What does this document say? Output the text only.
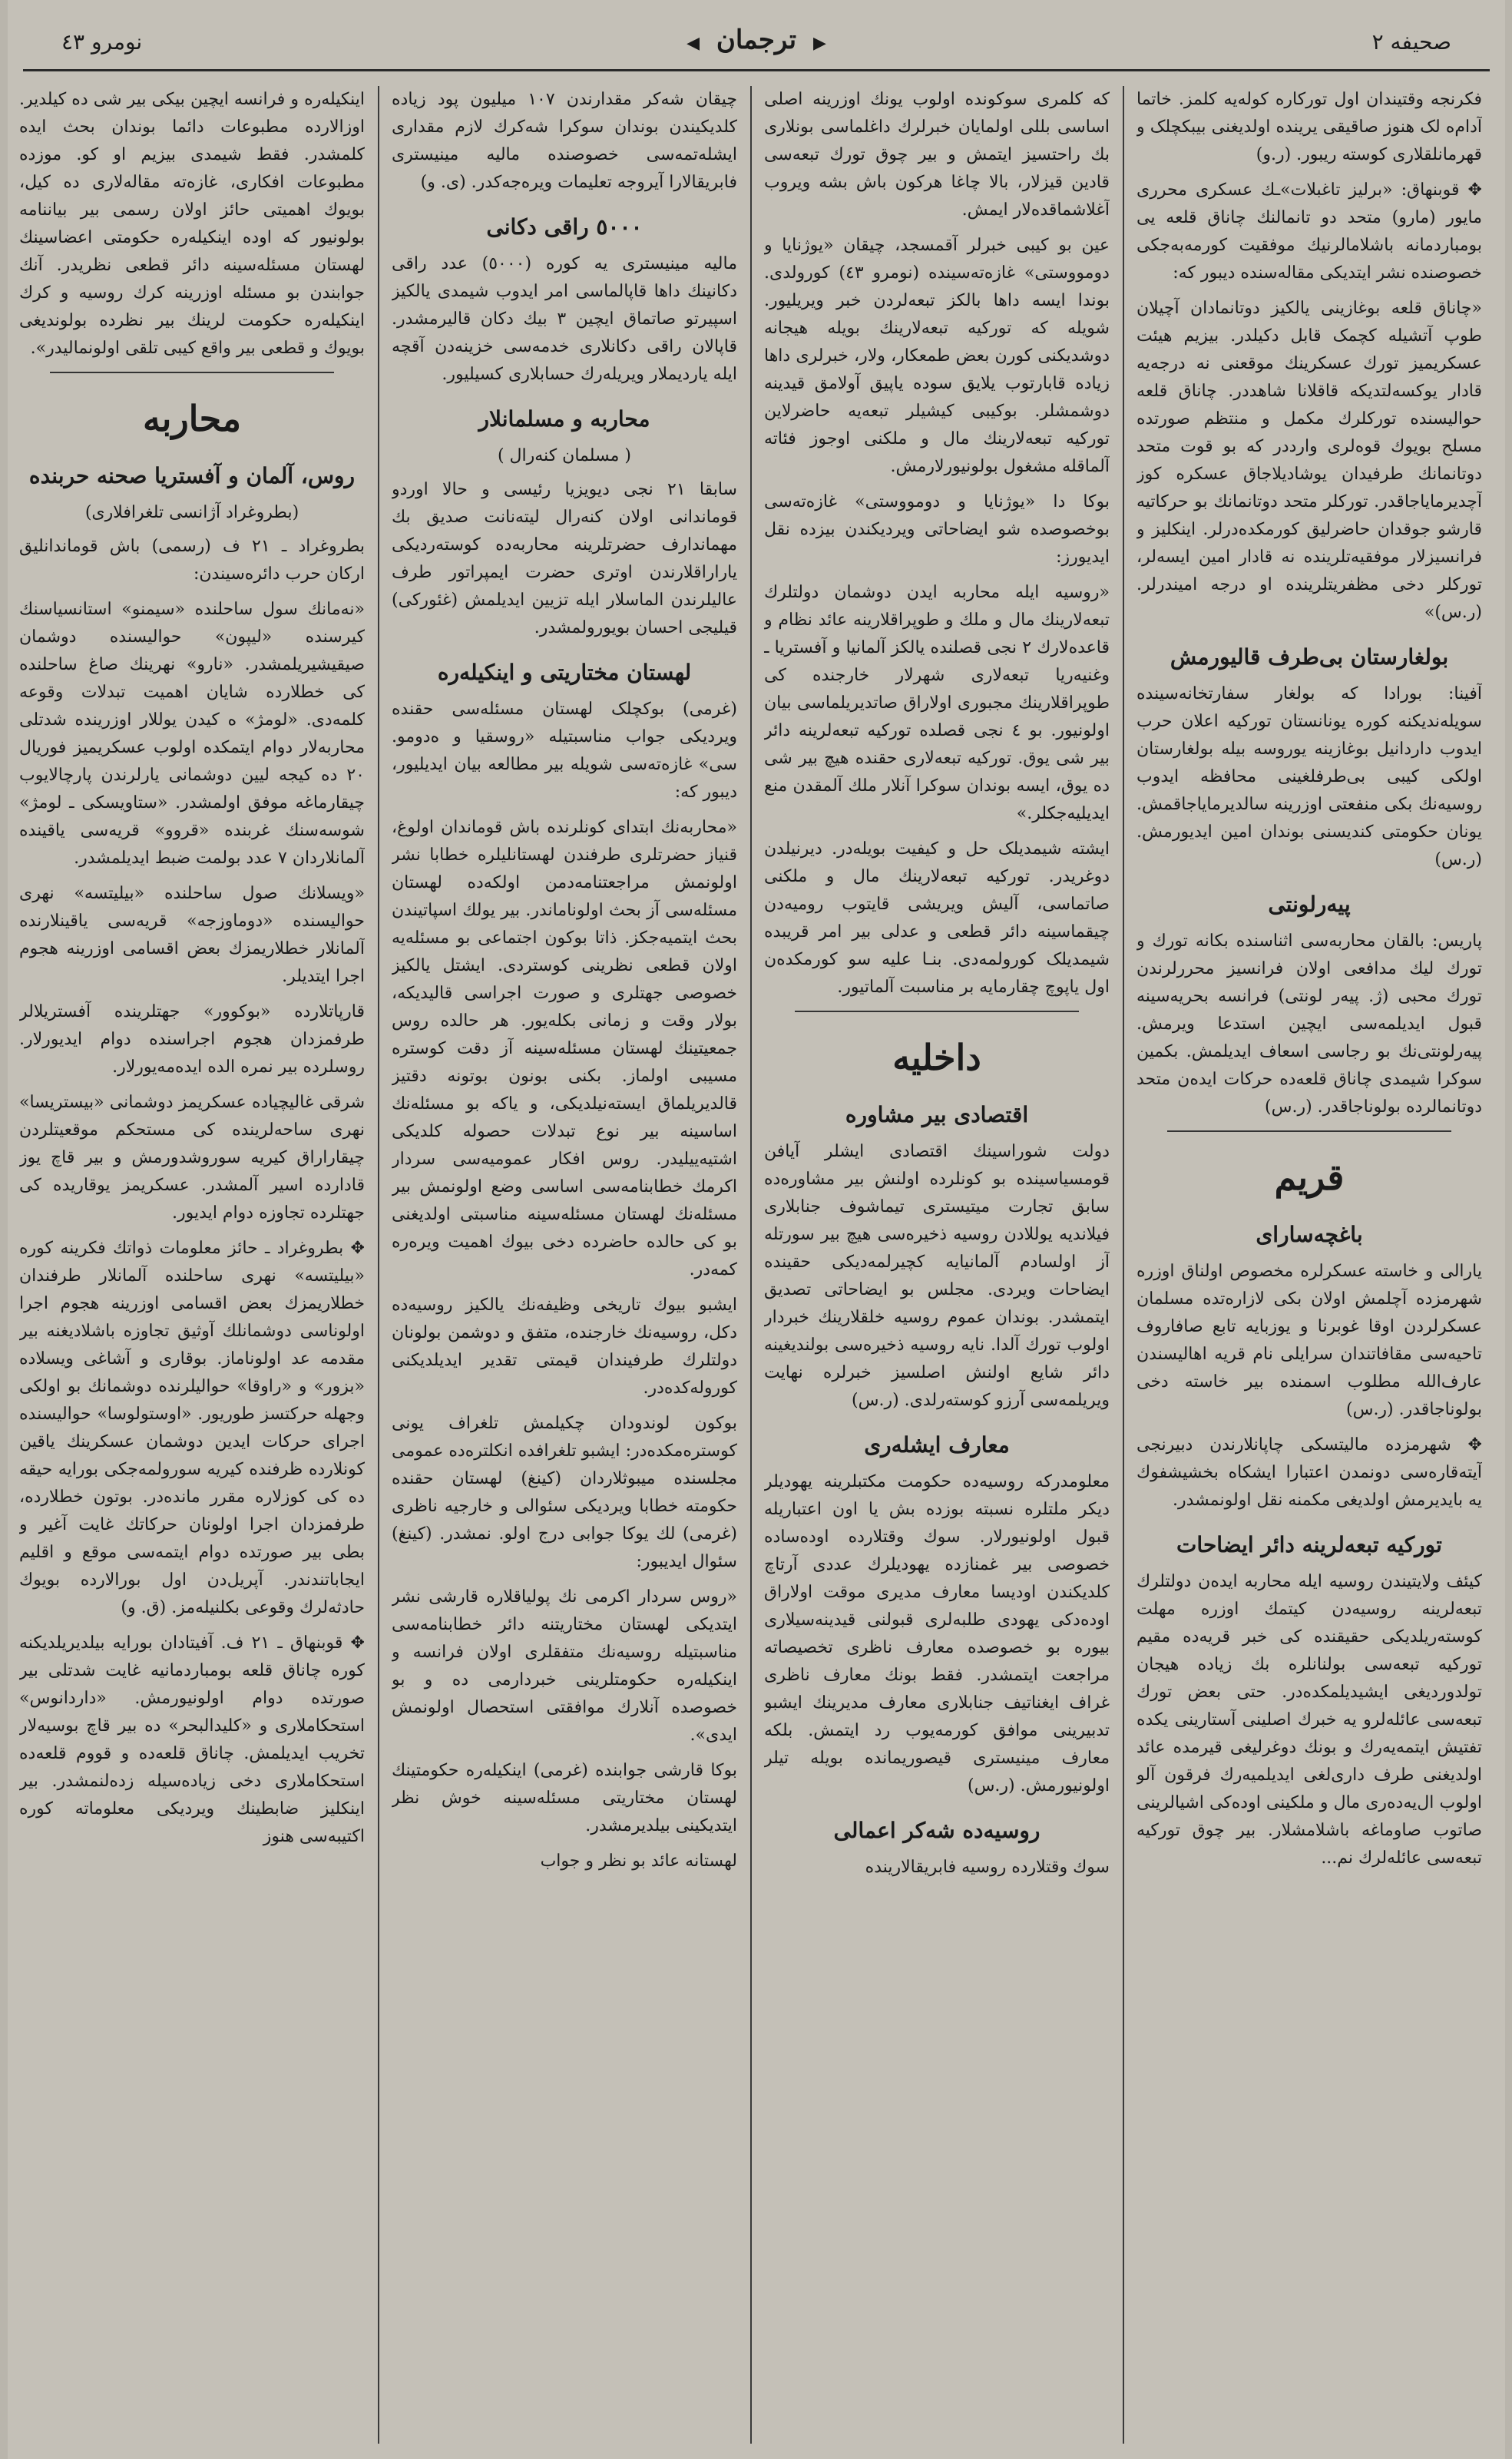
صحیفه ۲
▶ ترجمان ◀
نومرو ٤۳

فکرنجه وقتیندان اول تورکاره کوله‌یه کلمز. خاتما آدام‌ه لک هنوز صاقیقی یرینده اولدیغنی بیبکچلک و قهرمانلقلاری کوسته ریبور. (ر.و)

✥ قوبنهاق: «برلیز تاغبلات»ـك عسکری محرری مایور (مارو) متحد دو تانمالنك چاناق قلعه یی بومباردمانه باشلامالرنیك موفقیت کورمه‌به‌جکی خصوصنده نشر ایتدیکی مقاله‌سنده دیبور که:

«چاناق قلعه بوغازینی یالکیز دوتانمادان آچیلان طوپ آتشیله کچمک قابل دکیلدر. بیزیم هیئت عسکریمیز تورك عسکرینك موقعنی نه درجه‌یه قادار یوکسه‌لتدیکه قاقلانا شاهددر. چاناق قلعه حوالیسنده تورکلرك مکمل و منتظم صورتده مسلح بویوك قوه‌لری وارددر که بو قوت متحد دوتانمانك طرفیدان یوشادیلاجاق عسکره کوز آچدیرمایاجاقدر. تورکلر متحد دوتانمانك بو حرکاتیه قارشو جوقدان حاضرلیق کورمکده‌درلر. اینکلیز و فرانسیزلار موفقیه‌تلرینده نه قادار امین ایسه‌لر، تورکلر دخی مظفریتلرینده او درجه امیندرلر. (ر.س)»

بولغارستان بی‌طرف قالیورمش

آفینا: بورادا که بولغار سفارتخانه‌سینده سویله‌ندیکنه کوره یونانستان تورکیه اعلان حرب ایدوب داردانیل بوغازینه یوروسه بیله بولغارستان اولکی کیبی بی‌طرفلغینی محافظه ایدوب روسیه‌نك بکی منفعتی اوزرینه سالدیرمایاجاقمش. یونان حکومتی کندیسنی بوندان امین ایدیورمش. (ر.س)

پیه‌رلونتی

پاریس: بالقان محاربه‌سی اثناسنده بکانه تورك و تورك لیك مدافعی اولان فرانسیز محررلرندن تورك محبی (ژ. پیه‌ر لونتی) فرانسه بحریه‌سینه قبول ایدیلمه‌سی ایچین استدعا ویرمش. پیه‌رلونتی‌نك بو رجاسی اسعاف ایدیلمش. بکمین سوکرا شیمدی چاناق قلعه‌ده حرکات ایده‌ن متحد دوتانمالرده بولوناجاقدر. (ر.س)

قریم
باغچه‌سارای

یارالی و خاسته عسکرلره مخصوص اولناق اوزره شهرمزده آچلمش اولان بکی لازاره‌تده مسلمان عسکرلردن اوقا غوبرنا و یوزبایه تابع صافاروف تاحیه‌سی مقافاتندان سرایلی نام قریه اهالیسندن عارف‌الله مطلوب اسمنده بیر خاسته دخی بولوناجاقدر. (ر.س)

✥ شهرمزده مالیتسکی چاپانلارندن دبیرنجی آیته‌قاره‌سی دونمدن اعتبارا ایشکاه بخشیشفوك یه بایدیرمش اولدیغی مکمنه نقل اولونمشدر.

تورکیه تبعه‌لرینه دائر ایضاحات

کیئف ولایتیندن روسیه ایله محاربه ایده‌ن دولتلرك تبعه‌لرینه روسیه‌دن کیتمك اوزره مهلت کوسته‌ریلدیکی حقیقنده کی خبر قریه‌ده مقیم تورکیه تبعه‌سی بولنانلره بك زیاده هیجان تولدوردیغی ایشیدیلمکده‌در. حتی بعض تورك تبعه‌سی عائله‌لرو یه خبرك اصلینی آستارینی یکده تفتیش ایتمه‌یه‌رك و بونك دوغرلیغی قیرمده عائد اولدیغنی طرف داری‌لغی ایدیلمیه‌رك فرقون آلو اولوب ال‌یه‌ده‌ری مال و ملکینی اوده‌کی اشیالرینی صاتوب صاوماغه باشلامشلار. بیر چوق تورکیه تبعه‌سی عائله‌لرك نم‌...

که کلمری سوکونده اولوب یونك اوزرینه اصلی اساسی بللی اولمایان خبرلرك داغلماسی بونلاری بك راحتسیز ایتمش و بیر چوق تورك تبعه‌سی قادین قیزلار، بالا چاغا هرکون باش بشه ویروب آغلاشماقده‌لار ایمش.

عین بو کیبی خبرلر آقمسجد، چیقان «یوژنایا و دومووستی» غازه‌ته‌سینده (نومرو ٤۳) کورولدی. بوندا ایسه داها بالکز تبعه‌لردن خبر ویریلیور. شویله که تورکیه تبعه‌لارینك بویله هیجانه دوشدیکنی کورن بعض طمعکار، ولار، خبرلری داها زیاده قابارتوب یلایق سوده یاپیق آولامق قیدینه دوشمشلر. بوکیبی کیشیلر تبعه‌یه حاضرلاین تورکیه تبعه‌لارینك مال و ملکنی اوجوز فئاته آلماقله مشغول بولونیورلارمش.

بوکا دا «یوژنایا و دومووستی» غازه‌ته‌سی بوخصوصده شو ایضاحاتی ویردیکندن بیزده نقل ایدیورز:

«روسیه ایله محاربه ایدن دوشمان دولتلرك تبعه‌لارینك مال و ملك و طوپراقلارینه عائد نظام و قاعده‌لارك ۲ نجی قصلنده یالکز آلمانیا و آفستریا ـ وغنیه‌ریا تبعه‌لاری شهرلار خارجنده کی طوپراقلارینك مجبوری اولاراق صاتدیریلماسی بیان اولونیور. بو ٤ نجی قصلده تورکیه تبعه‌لرینه دائر بیر شی یوق. تورکیه تبعه‌لاری حقنده هیچ بیر شی ده یوق، ایسه بوندان سوکرا آنلار ملك آلمقدن منع ایدیلیه‌جکلر.»

ایشته شیمدیلک حل و کیفیت بویله‌در. دیرنیلدن دوغریدر. تورکیه تبعه‌لارینك مال و ملکنی صاتماسی، آلیش ویریشی قایتوب رومیه‌دن چیقماسینه دائر قطعی و عدلی بیر امر قریبده شیمدیلک کورولمه‌دی. بنـا علیه سو کورمکده‌ن اول یاپوچ چقارمایه بر مناسبت آلماتیور.

داخلیه
اقتصادی بیر مشاوره

دولت شوراسینك اقتصادی ایشلر آیافن قومسیاسینده بو کونلرده اولنش بیر مشاوره‌ده سابق تجارت میتیستری تیماشوف جنابلاری فیلاندیه یوللادن روسیه ذخیره‌سی هیچ بیر سورتله آز اولسادم آلمانیایه کچیرلمه‌دیکی حقینده ایضاحات ویردی. مجلس بو ایضاحاتی تصدیق ایتمشدر. بوندان عموم روسیه خلقلارینك خبردار اولوب تورك آلدا. نایه روسیه ذخیره‌سی بولندیغینه دائر شایع اولنش اصلسیز خبرلره نهایت ویریلمه‌سی آرزو کوسته‌رلدی. (ر.س)

معارف ایشله‌ری

معلومدرکه روسیه‌ده حکومت مکتبلرینه یهودیلر دیکر ملتلره نسبته بوزده بش یا اون اعتباریله قبول اولونیورلار. سوك وقتلارده اوده‌ساده خصوصی بیر غمنازده یهودیلرك عددی آرتاچ کلدیکندن اودیسا معارف مدیری موقت اولاراق اوده‌دکی یهودی طلبه‌لری قبولنی قیدینه‌سیلاری بیوره بو خصوصده معارف ناظری تخصیصاته مراجعت ایتمشدر. فقط بونك معارف ناظری غراف ایغناتیف جنابلاری معارف مدیرینك ایشبو تدبیرینی موافق کورمه‌یوب رد ایتمش. بلکه معارف مینیستری قیصوریمانده بویله تیلر اولونیورمش. (ر.س)

روسیه‌ده شه‌کر اعمالی

سوك وقتلارده روسیه فابریقالارینده

چیقان شه‌کر مقدارندن ۱۰۷ میلیون پود زیاده کلدیکیندن بوندان سوکرا شه‌کرك لازم مقداری ایشله‌تمه‌سی خصوصنده مالیه مینیستری فابریقالارا آیروجه تعلیمات ویره‌جه‌کدر. (ی. و)

٥۰۰۰ راقی دکانی

مالیه مینیستری یه کوره (٥۰۰۰) عدد راقی دکانینك داها قاپالماسی امر ایدوب شیمدی یالکیز اسپیرتو صاتماق ایچین ۳ بیك دکان قالیرمشدر. قاپالان راقی دکانلاری خدمه‌سی خزینه‌دن آقچه ایله یاردیملار ویریله‌رك حسابلاری کسیلیور.

محاربه و مسلمانلار
( مسلمان کنه‌رال )

سابقا ۲۱ نجی دیویزیا رئیسی و حالا اوردو قوماندانی اولان کنه‌رال لیته‌نانت صدیق بك مهماندارف حضرتلرینه محاربه‌ده کوسته‌ردیکی یاراراقلارندن اوتری حضرت ایمپراتور طرف عالیلرندن الماسلار ایله تزیین ایدیلمش (غئورکی) قیلیجی احسان بویورولمشدر.

لهستان مختاریتی و اینکیله‌ره

(غرمی) بوکچلک لهستان مسئله‌سی حقنده ویردیکی جواب مناسبتیله «روسقیا و ه‌دومو. سی» غازه‌ته‌سی شویله بیر مطالعه بیان ایدیلیور، دیبور که:

«محاربه‌نك ابتدای کونلرنده باش قوماندان اولوغ، قنیاز حضرتلری طرفندن لهستانلیلره خطابا نشر اولونمش مراجعتنامه‌دمن اولکه‌ده لهستان مسئله‌سی آز بحث اولوناماندر. بیر یولك اسپاتیندن بحث ایتمیه‌جکز. ذاتا بوکون اجتماعی بو مسئله‌یه اولان قطعی نظرینی کوستردی. ایشتل یالکیز خصوصی جهتلری و صورت اجراسی قالیدیکه، بولار وقت و زمانی بکله‌یور. هر حالده روس جمعیتینك لهستان مسئله‌سینه آز دقت کوستره مسیبی اولماز. بکنی بونون بوتونه دقتیز قالدیریلماق ایسته‌نیلدیکی، و یاکه بو مسئله‌نك اساسینه بیر نوع تبدلات حصوله کلدیکی اشتیه‌ییلیدر. روس افکار عمومیه‌سی سردار اکرمك خطابنامه‌سی اساسی وضع اولونمش بیر مسئله‌نك لهستان مسئله‌سینه مناسبتی اولدیغنی بو کی حالده حاضرده دخی بیوك اهمیت ویره‌ره کمه‌در.

ایشبو بیوك تاریخی وظیفه‌نك یالکیز روسیه‌ده دکل، روسیه‌نك خارجنده، متفق و دوشمن بولونان دولتلرك طرفیندان قیمتی تقدیر ایدیلدیکنی کوروله‌کده‌در.

بوکون لوندودان چکیلمش تلغراف یونی کوستره‌مکده‌در: ایشبو تلغرافده انکلتره‌ده عمومی مجلسنده میبوثلاردان (کینغ) لهستان حقنده حکومته خطابا ویردیکی سئوالی و خارجیه ناظری (غرمی) لك یوکا جوابی درج اولو. نمشدر. (کینغ) سئوال ایدیبور:

«روس سردار اکرمی نك پولیاقلاره قارشی نشر ایتدیکی لهستان مختاریتنه دائر خطابنامه‌سی مناسبتیله روسیه‌نك متفقلری اولان فرانسه و اینکیله‌ره حکومتلرینی خبردارمی ده و بو خصوصده آنلارك موافقتی استحصال اولونمش ایدی».

بوکا قارشی جوابنده (غرمی) اینکیله‌ره حکومتینك لهستان مختاریتی مسئله‌سینه خوش نظر ایتدیکینی بیلدیرمشدر.

لهستانه عائد بو نظر و جواب

اینکیله‌ره و فرانسه ایچین بیکی بیر شی ده کیلدیر. اوزالارده مطبوعات دائما بوندان بحث ایده کلمشدر. فقط شیمدی بیزیم او کو. موزده مطبوعات افکاری، غازه‌ته مقاله‌لاری ده کیل، بویوك اهمیتی حائز اولان رسمی بیر بیاننامه بولونیور که اوده اینکیله‌ره حکومتی اعضاسینك لهستان مسئله‌سینه دائر قطعی نظریدر. آنك جوابندن بو مسئله اوزرینه کرك روسیه و کرك اینکیله‌ره حکومت لرینك بیر نظرده بولوندیغی بویوك و قطعی بیر واقع کیبی تلقی اولونمالیدر».

محاربه
روس، آلمان و آفستریا صحنه حربنده
(بطروغراد آژانسی تلغرافلاری)

بطروغراد ـ ۲۱ ف (رسمی) باش قوماندانلیق ارکان حرب دائره‌سیندن:

«نه‌مانك سول ساحلنده «سیمنو» استانسیاسنك کیرسنده «لیپون» حوالیسنده دوشمان صیقیشیریلمشدر. «نارو» نهرینك صاغ ساحلنده کی خطلارده شایان اهمیت تبدلات وقوعه کلمه‌دی. «لومژ» ه کیدن یوللار اوزرینده شدتلی محاربه‌لار دوام ایتمکده اولوب عسکریمیز فوریال ۲۰ ده کیجه لیین دوشمانی یارلرندن پارچالایوب چیقارماغه موفق اولمشدر. «ستاویسکی ـ لومژ» شوسه‌سنك غربنده «قروو» قریه‌سی یاقینده آلمانلاردان ۷ عدد بولمت ضبط ایدیلمشدر.

«ویسلانك صول ساحلنده «بیلیتسه» نهری حوالیسنده «دوماوزجه» قریه‌سی یاقینلارنده آلمانلار خطلاریمزك بعض اقسامی اوزرینه هجوم اجرا ایتدیلر.

قارپاتلارده «بوکوور» جهتلرینده آفستریلالر طرفمزدان هجوم اجراسنده دوام ایدیورلار. روسلرده بیر نمره الده ایده‌مه‌یورلار.

شرقی غالیچیاده عسکریمز دوشمانی «بیستریسا» نهری ساحه‌لرینده کی مستحکم موقعیتلردن چیقاراراق کیریه سوروشدورمش و بیر قاچ یوز قادارده اسیر آلمشدر. عسکریمز یوقاریده کی جهتلرده تجاوزه دوام ایدیور.

✥ بطروغراد ـ حائز معلومات ذواتك فکرینه کوره «بیلیتسه» نهری ساحلنده آلمانلار طرفندان خطلاریمزك بعض اقسامی اوزرینه هجوم اجرا اولوناسی دوشمانلك آوثیق تجاوزه باشلادیغنه بیر مقدمه عد اولوناماز. بوقاری و آشاغی ویسلاده «بزور» و «راوقا» حوالیلرنده دوشمانك بو اولکی وجهله حرکتسز طوریور. «اوستولوسا» حوالیسنده اجرای حرکات ایدین دوشمان عسکرینك یاقین کونلارده ظرفنده کیریه سورولمه‌جکی بورایه حیقه ده کی کوزلاره مقرر مانده‌در. بوتون خطلارده، طرفمزدان اجرا اولونان حرکاتك غایت آغیر و بطی بیر صورتده دوام ایتمه‌سی موقع و اقلیم ایجاباتندندر. آپریل‌دن اول بورالارده بویوك حادثه‌لرك وقوعی بکلنیله‌مز. (ق. و)

✥ قوبنهاق ـ ۲۱ ف. آفیتادان بورایه بیلدیریلدیکنه کوره چاناق قلعه بومباردمانیه غایت شدتلی بیر صورتده دوام اولونیورمش. «داردانوس» استحکاملاری و «کلیدالبحر» ده بیر قاچ بوسیه‌لار تخریب ایدیلمش. چاناق قلعه‌ده و قووم قلعه‌ده استحکاملاری دخی زیاده‌سیله زده‌لنمشدر. بیر اینکلیز ضابطینك ویردیکی معلوماته کوره اکتیبه‌سی هنوز
